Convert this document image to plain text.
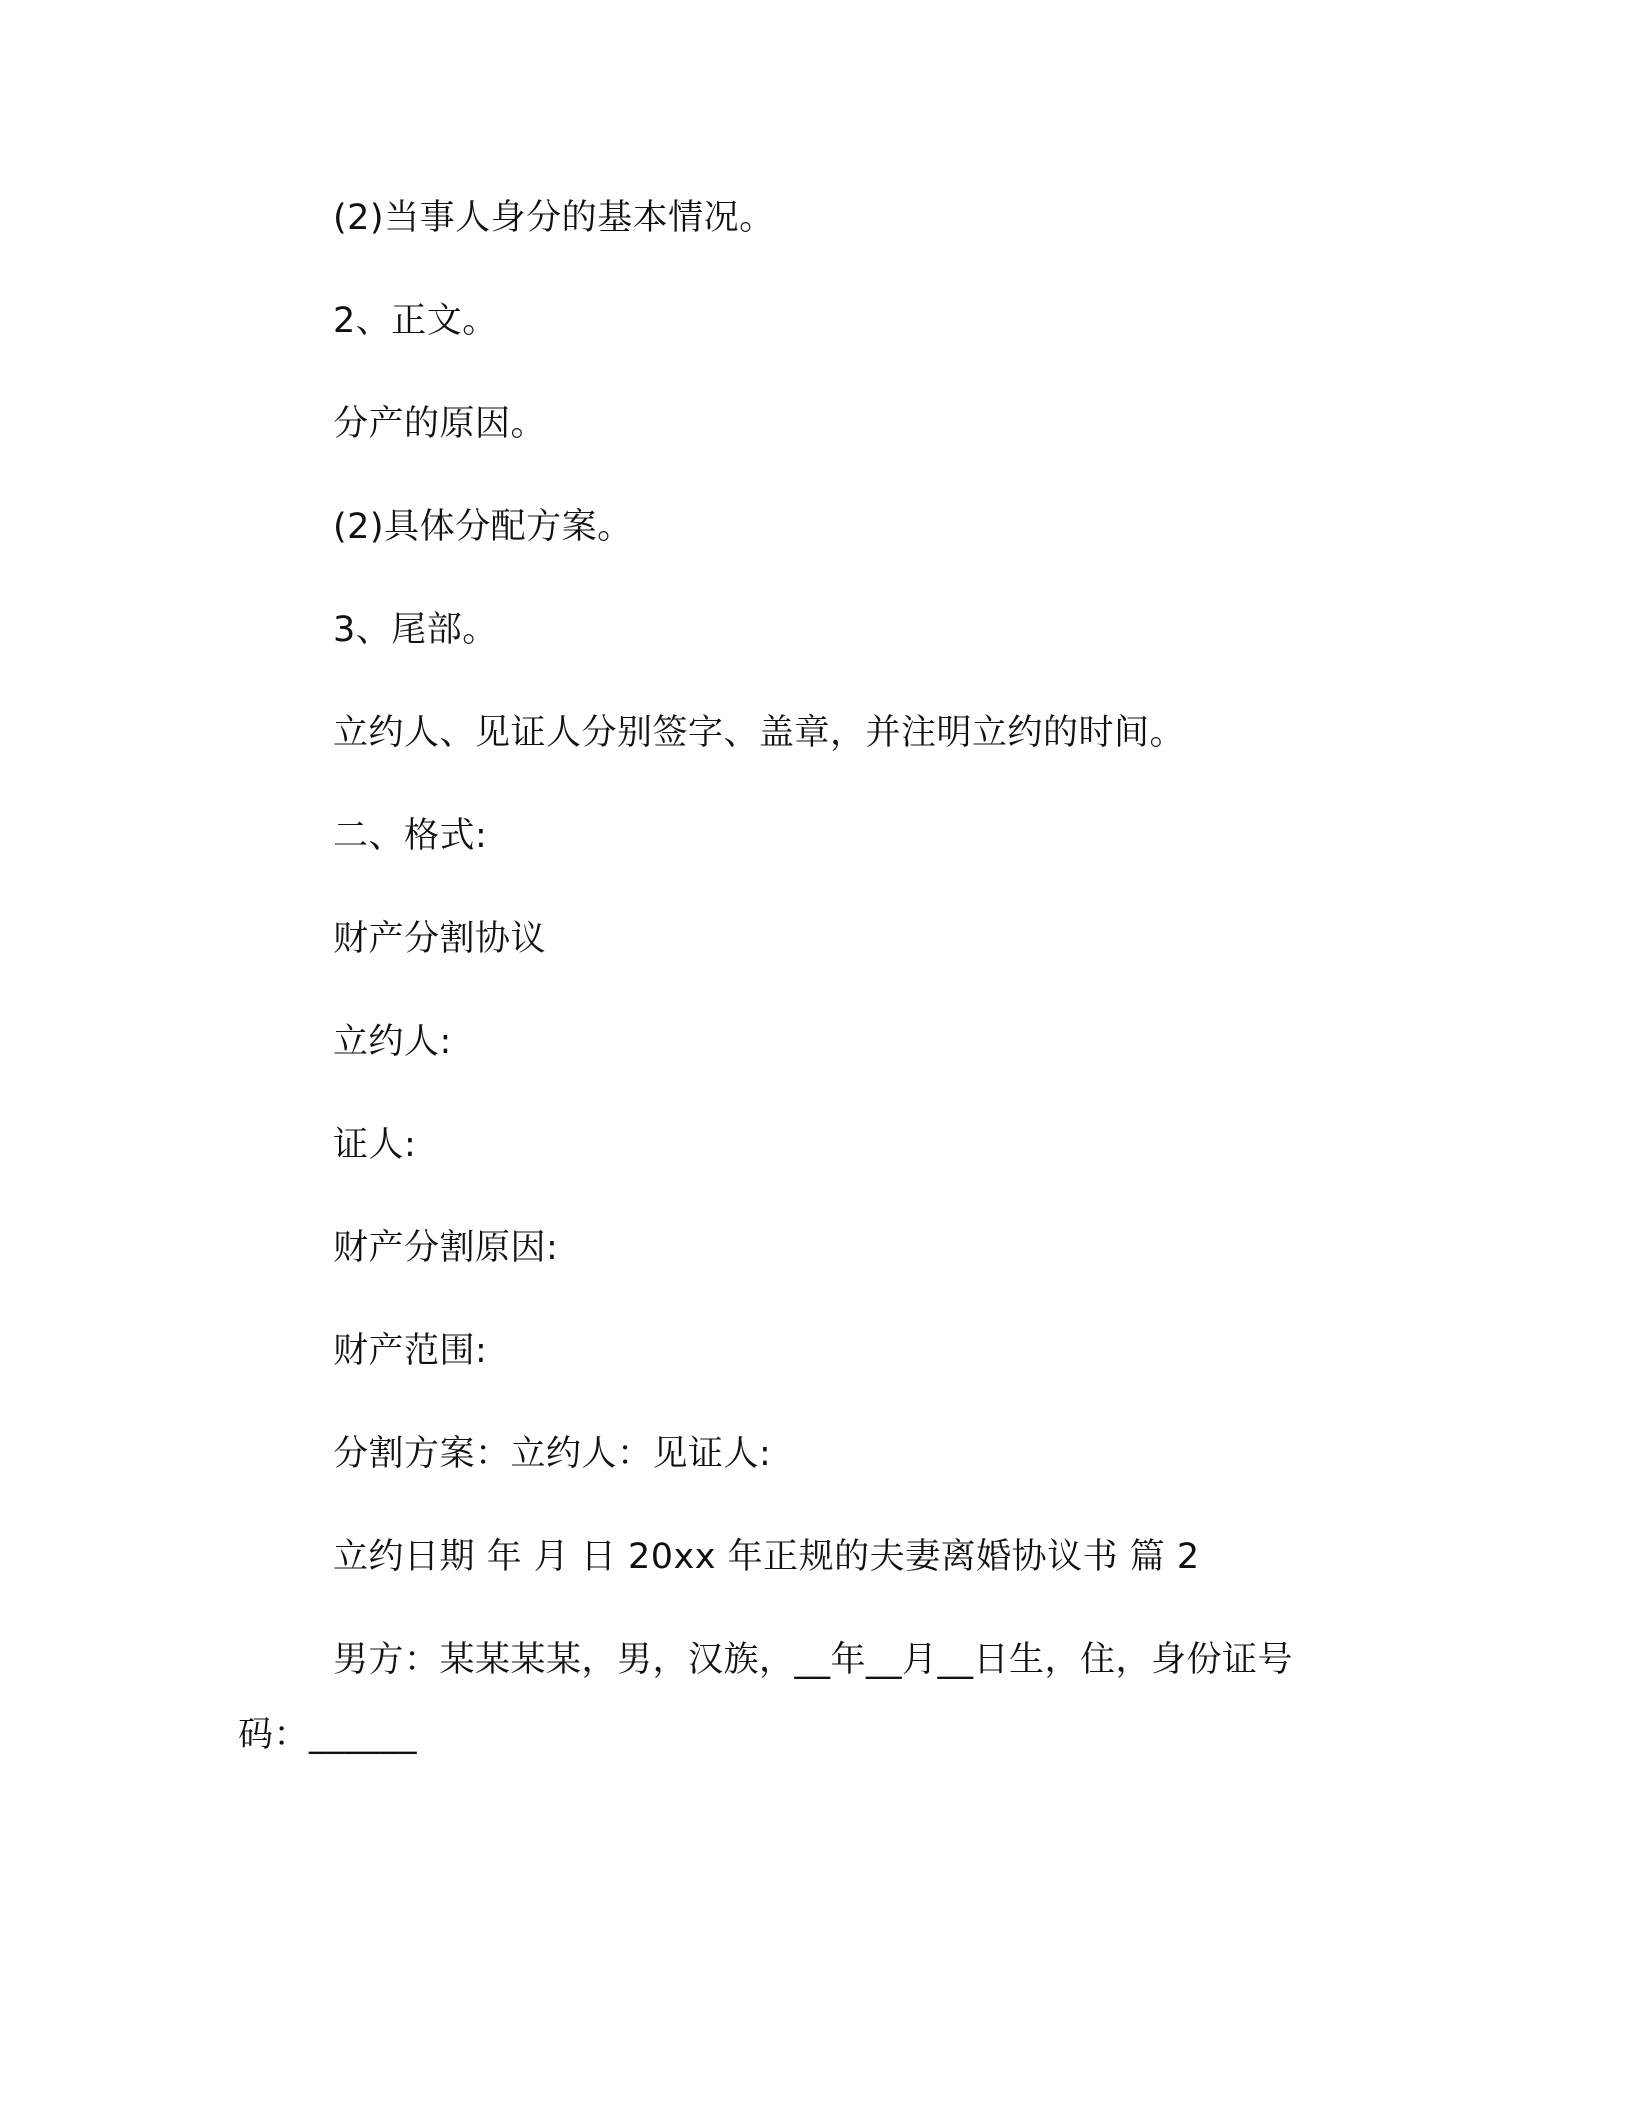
(2)当事人身分的基本情况。
2、正文。
分产的原因。
(2)具体分配方案。
3、尾部。
立约人、见证人分别签字、盖章，并注明立约的时间。
二、格式:
财产分割协议
立约人:
证人:
财产分割原因:
财产范围:
分割方案：立约人：见证人:
立约日期 年 月 日 20xx 年正规的夫妻离婚协议书 篇 2
男方：某某某某，男，汉族，__年__月__日生，住，身份证号
码：______
